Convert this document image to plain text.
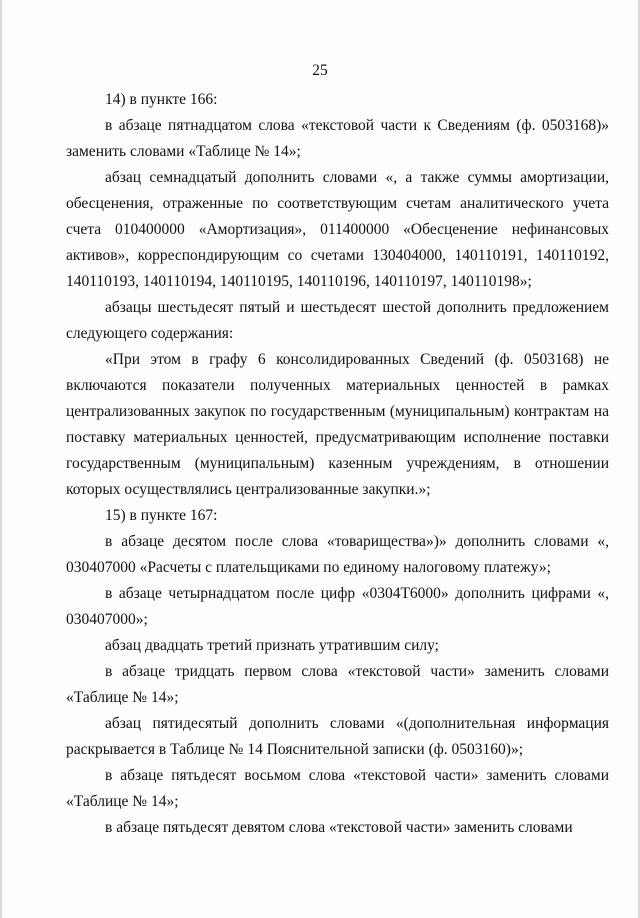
25

14) в пункте 166:

в абзаце пятнадцатом слова «текстовой части к Сведениям (ф. 0503168)» заменить словами «Таблице № 14»;

абзац семнадцатый дополнить словами «, а также суммы амортизации, обесценения, отраженные по соответствующим счетам аналитического учета счета 010400000 «Амортизация», 011400000 «Обесценение нефинансовых активов», корреспондирующим со счетами 130404000, 140110191, 140110192, 140110193, 140110194, 140110195, 140110196, 140110197, 140110198»;

абзацы шестьдесят пятый и шестьдесят шестой дополнить предложением следующего содержания:

«При этом в графу 6 консолидированных Сведений (ф. 0503168) не включаются показатели полученных материальных ценностей в рамках централизованных закупок по государственным (муниципальным) контрактам на поставку материальных ценностей, предусматривающим исполнение поставки государственным (муниципальным) казенным учреждениям, в отношении которых осуществлялись централизованные закупки.»;

15) в пункте 167:

в абзаце десятом после слова «товарищества»)» дополнить словами «, 030407000 «Расчеты с плательщиками по единому налоговому платежу»;

в абзаце четырнадцатом после цифр «0304Т6000» дополнить цифрами «, 030407000»;

абзац двадцать третий признать утратившим силу;

в абзаце тридцать первом слова «текстовой части» заменить словами «Таблице № 14»;

абзац пятидесятый дополнить словами «(дополнительная информация раскрывается в Таблице № 14 Пояснительной записки (ф. 0503160)»;

в абзаце пятьдесят восьмом слова «текстовой части» заменить словами «Таблице № 14»;

в абзаце пятьдесят девятом слова «текстовой части» заменить словами
